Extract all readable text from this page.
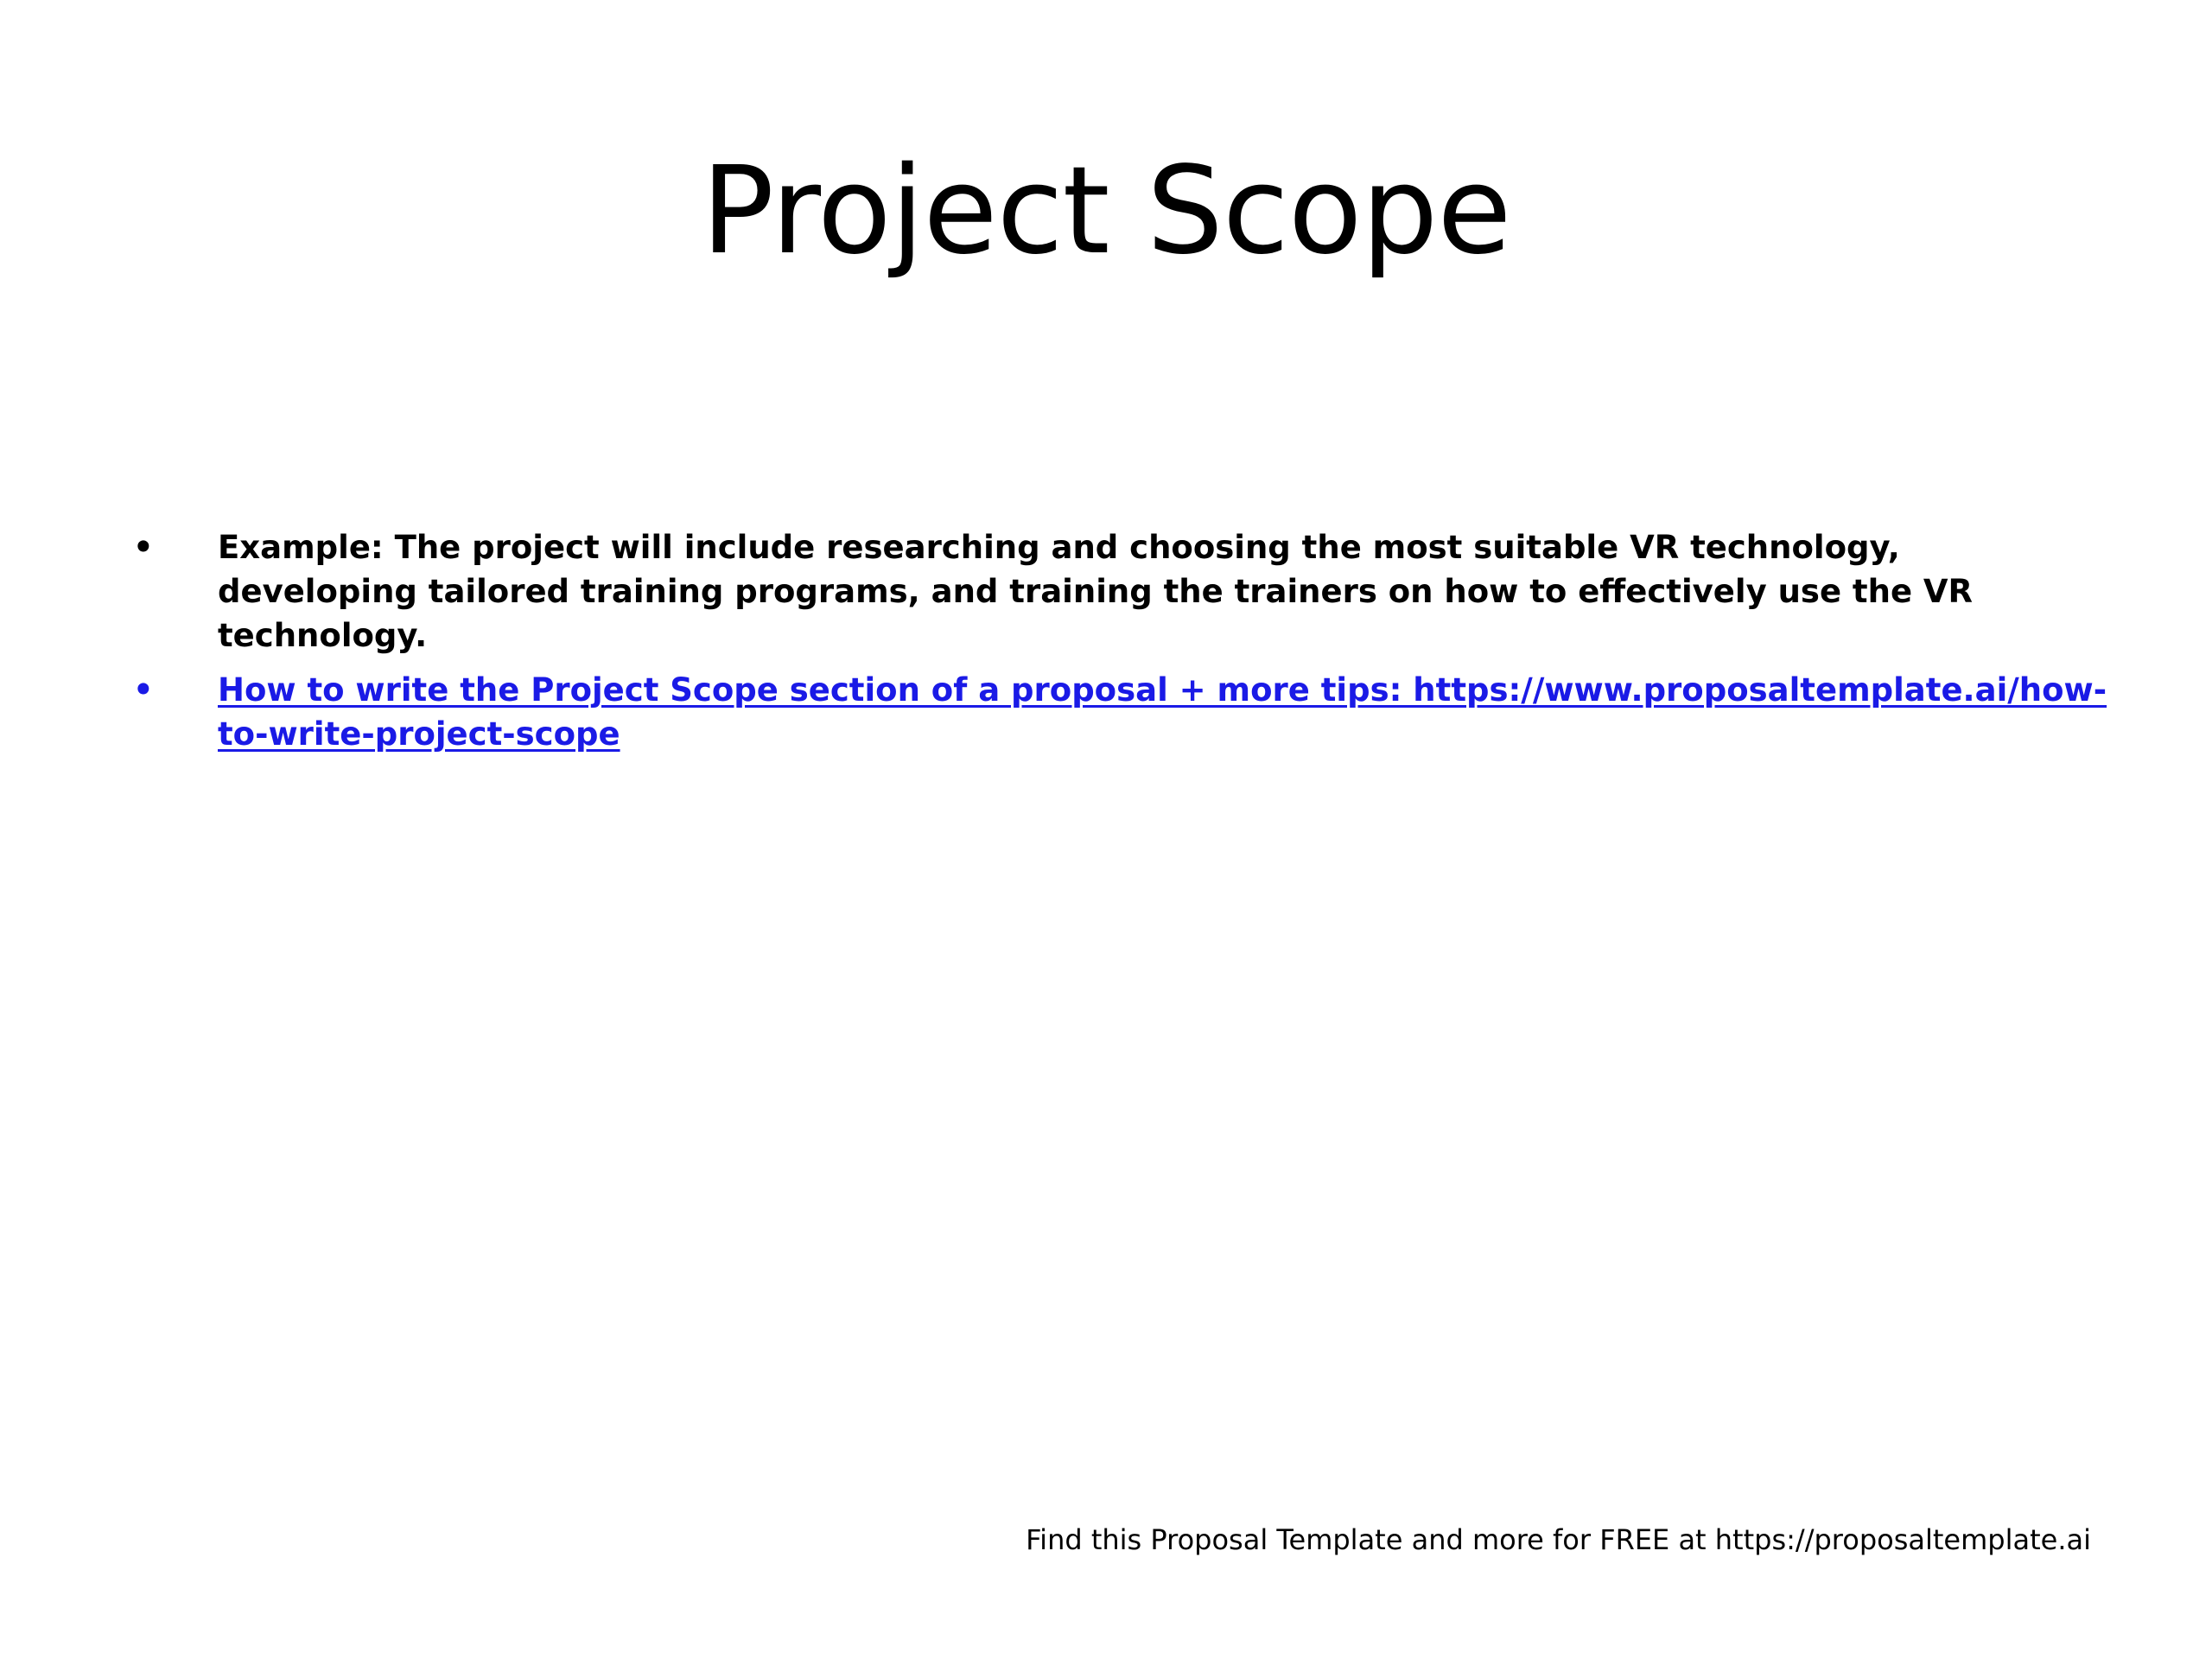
Project Scope
• Example: The project will include researching and choosing the most suitable VR technology, developing tailored training programs, and training the trainers on how to effectively use the VR technology.
• How to write the Project Scope section of a proposal + more tips: https://www.proposaltemplate.ai/how-to-write-project-scope
Find this Proposal Template and more for FREE at https://proposaltemplate.ai
